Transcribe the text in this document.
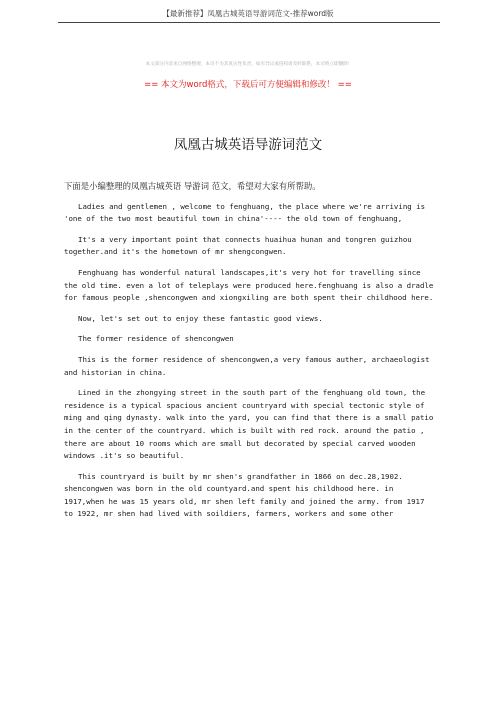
【最新推荐】凤凰古城英语导游词范文-推荐word版
本文部分内容来自网络整理，本司不为其真实性负责，如有异议或侵权请及时联系，本司将立即删除！
== 本文为word格式，下载后可方便编辑和修改！ ==
凤凰古城英语导游词范文

下面是小编整理的凤凰古城英语 导游词 范文，希望对大家有所帮助。

Ladies and gentlemen , welcome to fenghuang, the place where we're arriving is 'one of the two most beautiful town in china'---- the old town of fenghuang,

It's a very important point that connects huaihua hunan and tongren guizhou together.and it's the hometown of mr shengcongwen.

Fenghuang has wonderful natural landscapes,it's very hot for travelling since the old time. even a lot of teleplays were produced here.fenghuang is also a dradle for famous people ,shencongwen and xiongxiling are both spent their childhood here.

Now, let's set out to enjoy these fantastic good views.

The former residence of shencongwen

This is the former residence of shencongwen,a very famous auther, archaeologist and historian in china.

Lined in the zhongying street in the south part of the fenghuang old town, the residence is a typical spacious ancient countryard with special tectonic style of ming and qing dynasty. walk into the yard, you can find that there is a small patio in the center of the countryard. which is built with red rock. around the patio , there are about 10 rooms which are small but decorated by special carved wooden windows .it's so beautiful.

This countryard is built by mr shen's grandfather in 1866 on dec.28,1902. shencongwen was born in the old countyard.and spent his childhood here. in 1917,when he was 15 years old, mr shen left family and joined the army. from 1917 to 1922, mr shen had lived with soildiers, farmers, workers and some other
